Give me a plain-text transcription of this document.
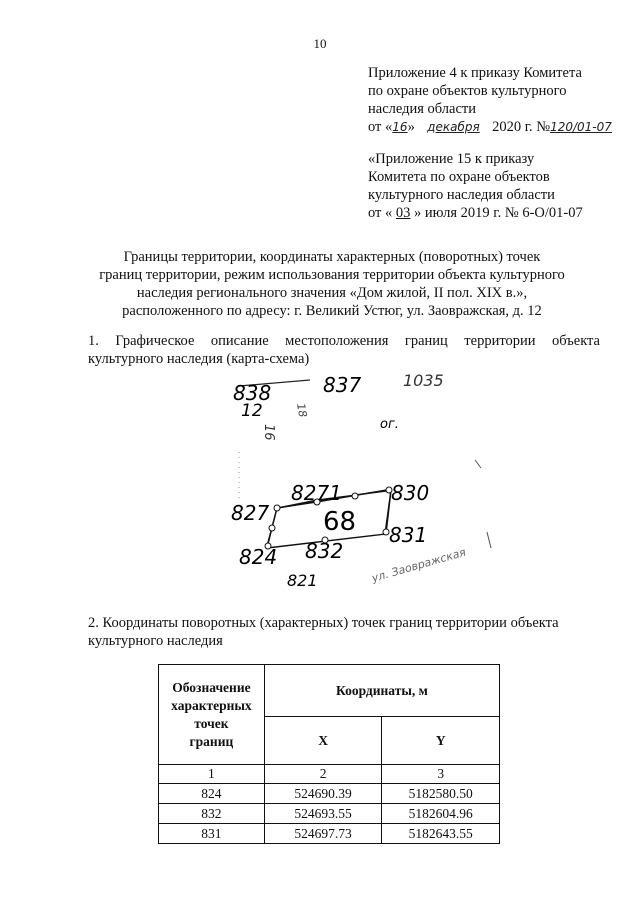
10
Приложение 4 к приказу Комитета
по охране объектов культурного
наследия области
от «16» декабря 2020 г. №120/01-07
«Приложение 15 к приказу
Комитета по охране объектов
культурного наследия области
от « 03 » июля 2019 г. № 6-О/01-07
Границы территории, координаты характерных (поворотных) точек
границ территории, режим использования территории объекта культурного
наследия регионального значения «Дом жилой, II пол. XIX в.»,
расположенного по адресу: г. Великий Устюг, ул. Заовражская, д. 12
1. Графическое описание местоположения границ территории объекта
культурного наследия (карта-схема)
838	837	1035
12	18
16	ог.
830
831
832
824
827
8271
68
821	ул. Заовражская
2. Координаты поворотных (характерных) точек границ территории объекта
культурного наследия
Обозначение
характерных
точек
границ	Координаты, м	
	X	Y
1	2	3
824	524690.39	5182580.50
832	524693.55	5182604.96
831	524697.73	5182643.55
